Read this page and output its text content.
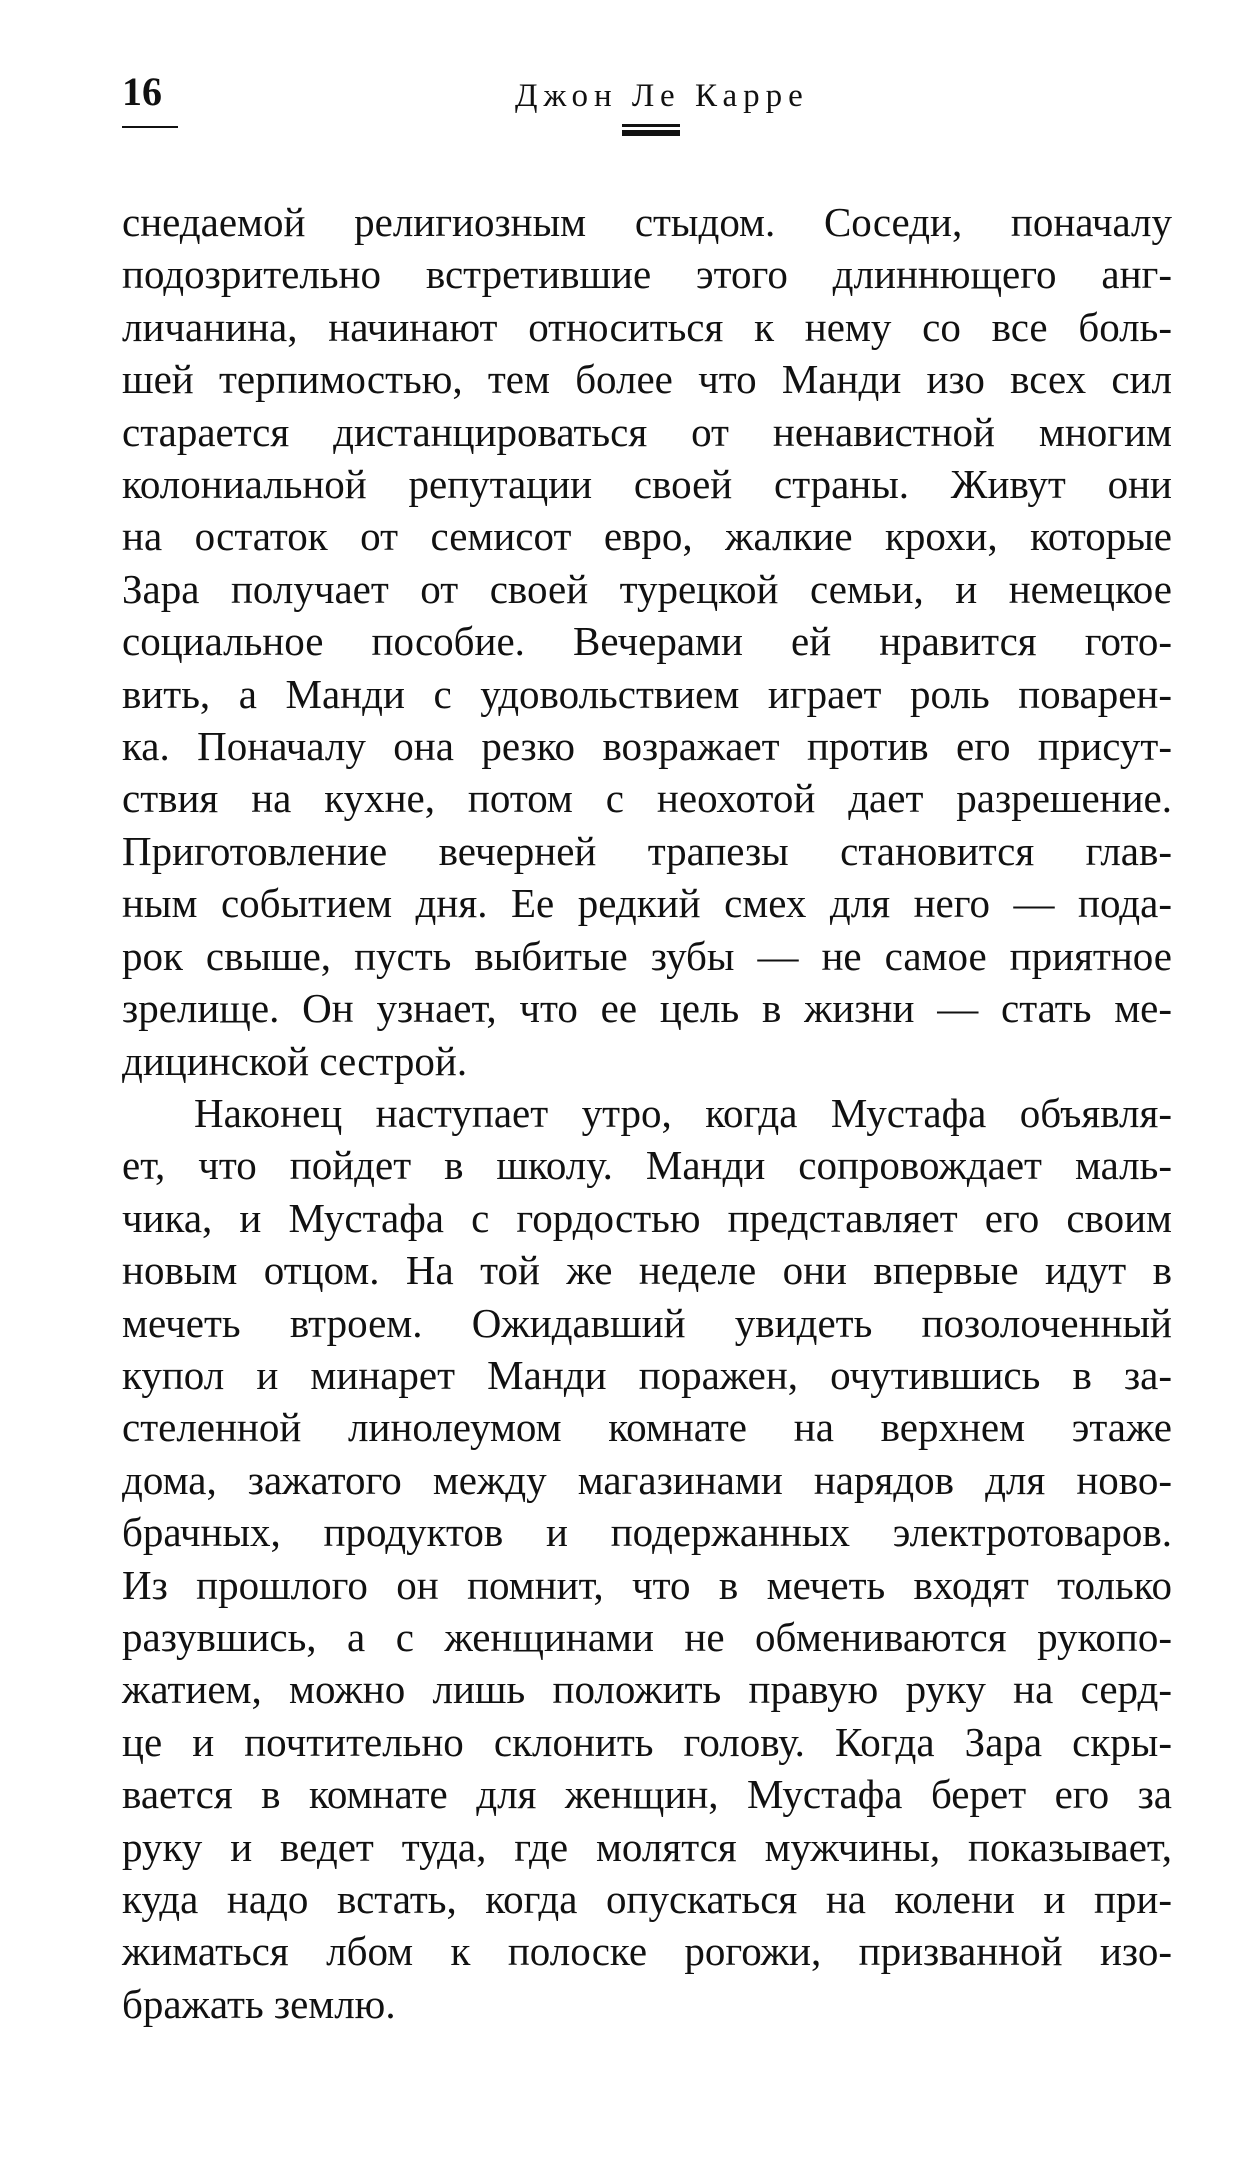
16	Джон Ле Карре
снедаемой религиозным стыдом. Соседи, поначалу
подозрительно встретившие этого длиннющего анг-
личанина, начинают относиться к нему со все боль-
шей терпимостью, тем более что Манди изо всех сил
старается дистанцироваться от ненавистной многим
колониальной репутации своей страны. Живут они
на остаток от семисот евро, жалкие крохи, которые
Зара получает от своей турецкой семьи, и немецкое
социальное пособие. Вечерами ей нравится гото-
вить, а Манди с удовольствием играет роль поварен-
ка. Поначалу она резко возражает против его присут-
ствия на кухне, потом с неохотой дает разрешение.
Приготовление вечерней трапезы становится глав-
ным событием дня. Ее редкий смех для него — пода-
рок свыше, пусть выбитые зубы — не самое приятное
зрелище. Он узнает, что ее цель в жизни — стать ме-
дицинской сестрой.
Наконец наступает утро, когда Мустафа объявля-
ет, что пойдет в школу. Манди сопровождает маль-
чика, и Мустафа с гордостью представляет его своим
новым отцом. На той же неделе они впервые идут в
мечеть втроем. Ожидавший увидеть позолоченный
купол и минарет Манди поражен, очутившись в за-
стеленной линолеумом комнате на верхнем этаже
дома, зажатого между магазинами нарядов для ново-
брачных, продуктов и подержанных электротоваров.
Из прошлого он помнит, что в мечеть входят только
разувшись, а с женщинами не обмениваются рукопо-
жатием, можно лишь положить правую руку на серд-
це и почтительно склонить голову. Когда Зара скры-
вается в комнате для женщин, Мустафа берет его за
руку и ведет туда, где молятся мужчины, показывает,
куда надо встать, когда опускаться на колени и при-
жиматься лбом к полоске рогожи, призванной изо-
бражать землю.
